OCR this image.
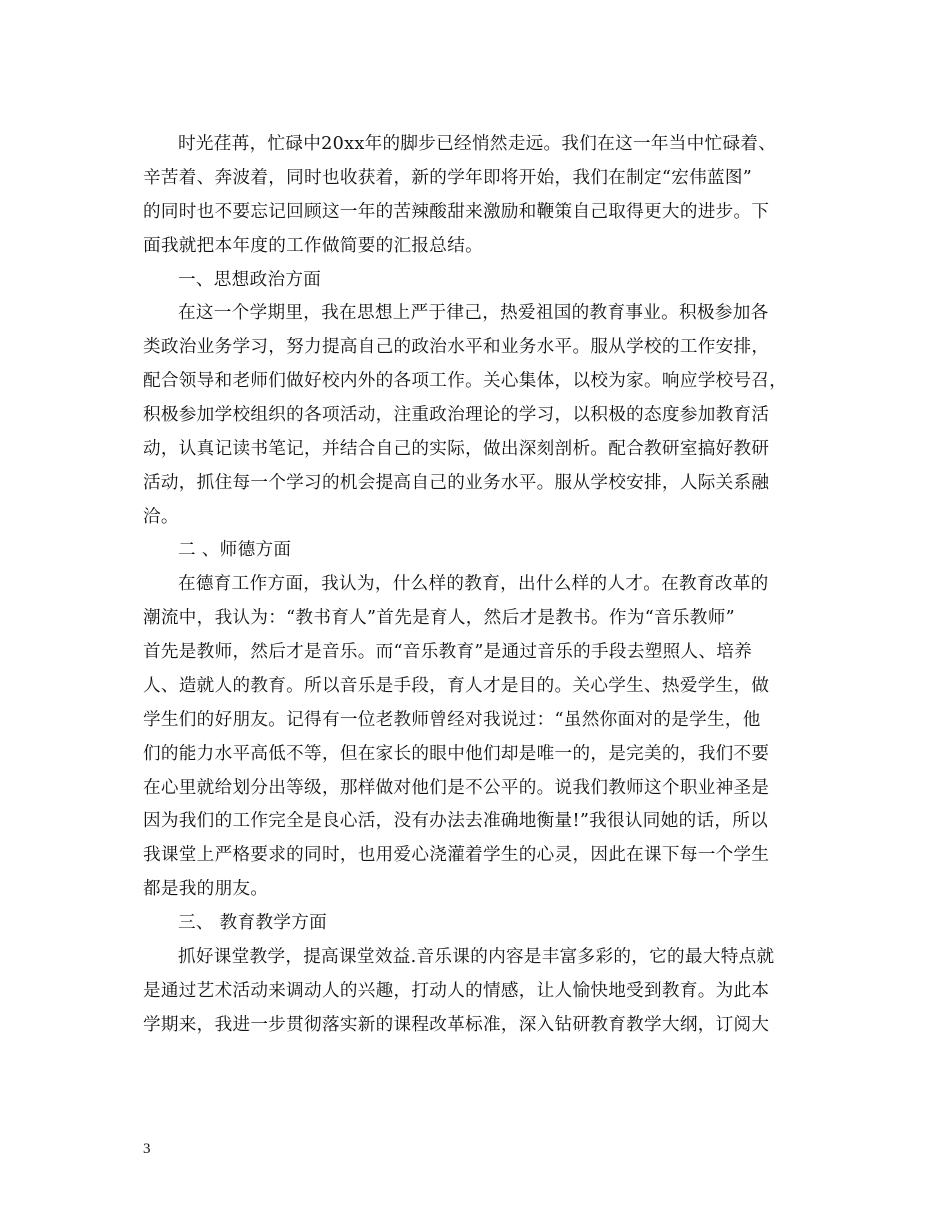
时光荏苒，忙碌中20xx年的脚步已经悄然走远。我们在这一年当中忙碌着、
辛苦着、奔波着，同时也收获着，新的学年即将开始，我们在制定“宏伟蓝图”
的同时也不要忘记回顾这一年的苦辣酸甜来激励和鞭策自己取得更大的进步。下
面我就把本年度的工作做简要的汇报总结。
一、思想政治方面
在这一个学期里，我在思想上严于律己，热爱祖国的教育事业。积极参加各
类政治业务学习，努力提高自己的政治水平和业务水平。服从学校的工作安排，
配合领导和老师们做好校内外的各项工作。关心集体，以校为家。响应学校号召，
积极参加学校组织的各项活动，注重政治理论的学习，以积极的态度参加教育活
动，认真记读书笔记，并结合自己的实际，做出深刻剖析。配合教研室搞好教研
活动，抓住每一个学习的机会提高自己的业务水平。服从学校安排，人际关系融
洽。
二 、师德方面
在德育工作方面，我认为，什么样的教育，出什么样的人才。在教育改革的
潮流中，我认为：“教书育人”首先是育人，然后才是教书。作为“音乐教师”
首先是教师，然后才是音乐。而“音乐教育”是通过音乐的手段去塑照人、培养
人、造就人的教育。所以音乐是手段，育人才是目的。关心学生、热爱学生，做
学生们的好朋友。记得有一位老教师曾经对我说过：“虽然你面对的是学生，他
们的能力水平高低不等，但在家长的眼中他们却是唯一的，是完美的，我们不要
在心里就给划分出等级，那样做对他们是不公平的。说我们教师这个职业神圣是
因为我们的工作完全是良心活，没有办法去准确地衡量!”我很认同她的话，所以
我课堂上严格要求的同时，也用爱心浇灌着学生的心灵，因此在课下每一个学生
都是我的朋友。
三、 教育教学方面
抓好课堂教学，提高课堂效益.音乐课的内容是丰富多彩的，它的最大特点就
是通过艺术活动来调动人的兴趣，打动人的情感，让人愉快地受到教育。为此本
学期来，我进一步贯彻落实新的课程改革标准，深入钻研教育教学大纲，订阅大
3
